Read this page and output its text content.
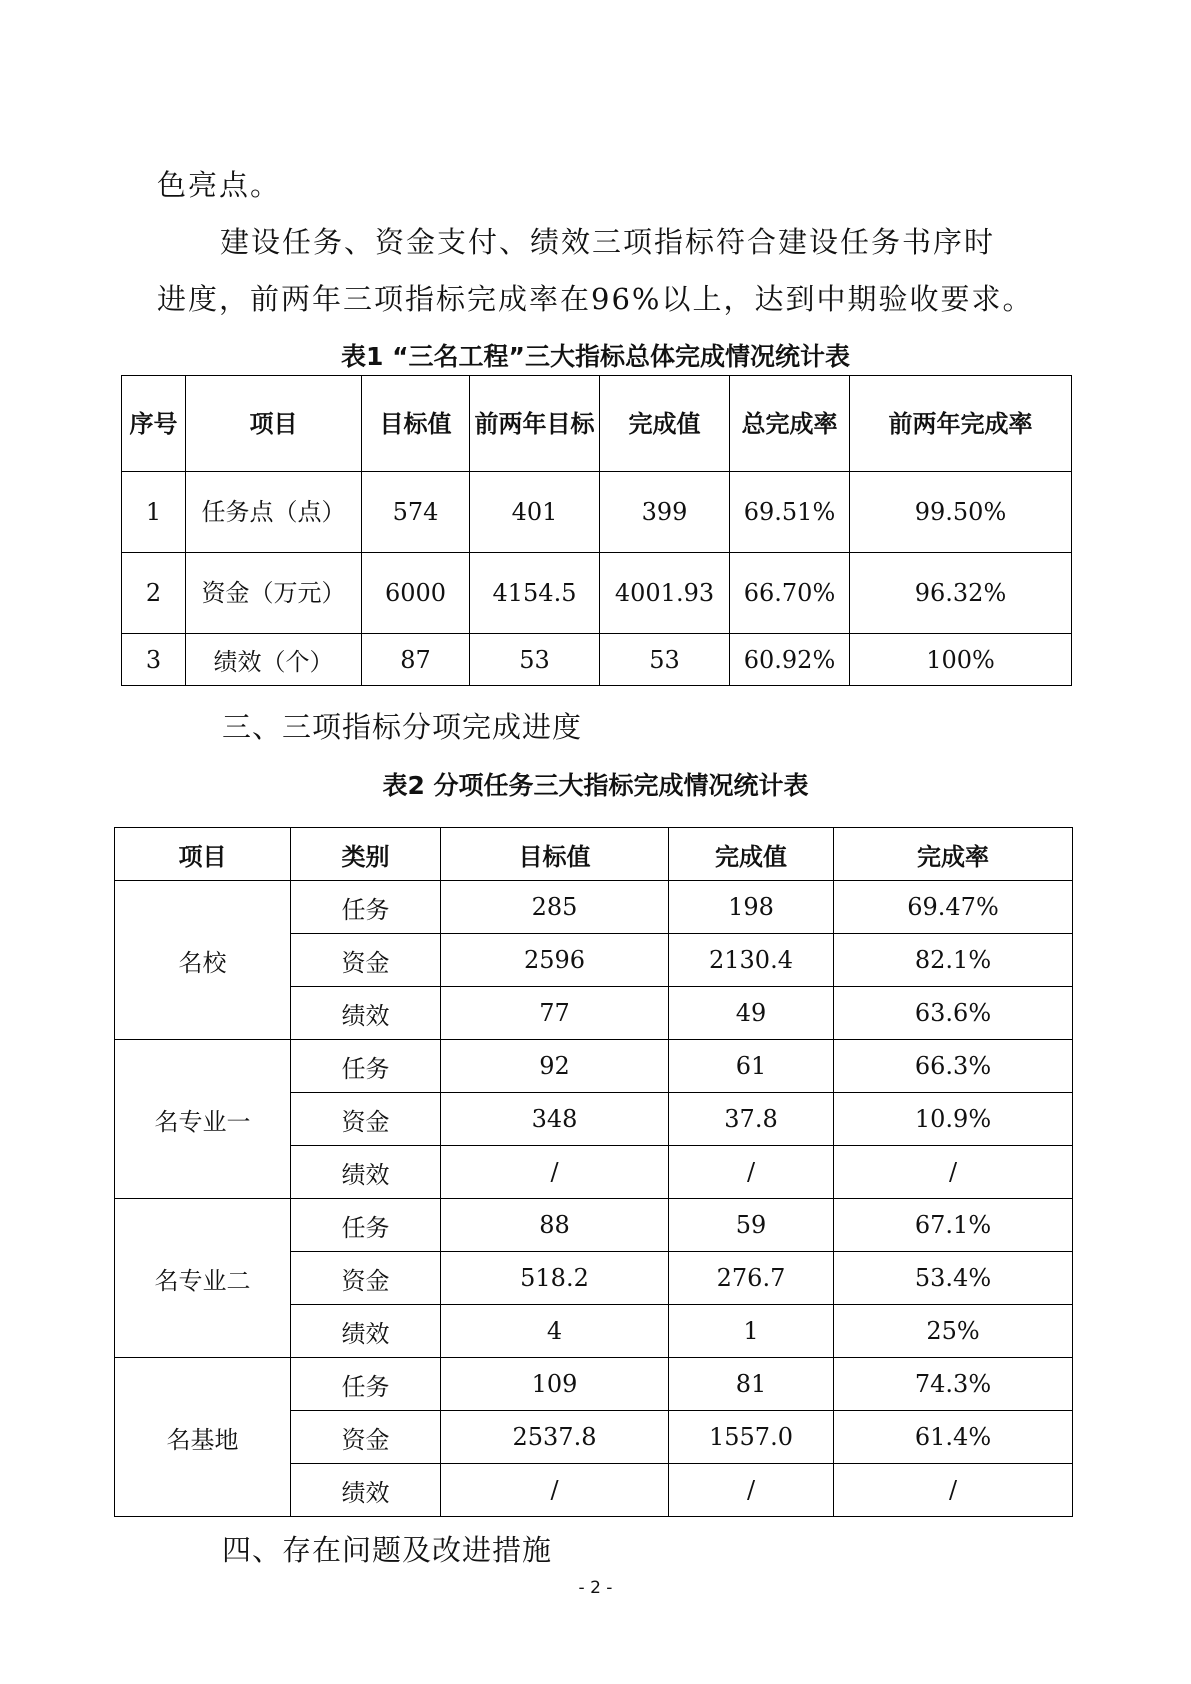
色亮点。
建设任务、资金支付、绩效三项指标符合建设任务书序时
进度，前两年三项指标完成率在96%以上，达到中期验收要求。
表1 “三名工程”三大指标总体完成情况统计表
序号	项目	目标值	前两年目标	完成值	总完成率	前两年完成率
1	任务点（点）	574	401	399	69.51%	99.50%
2	资金（万元）	6000	4154.5	4001.93	66.70%	96.32%
3	绩效（个）	87	53	53	60.92%	100%
三、三项指标分项完成进度
表2 分项任务三大指标完成情况统计表
项目	类别	目标值	完成值	完成率
名校	任务	285	198	69.47%
	资金	2596	2130.4	82.1%
	绩效	77	49	63.6%
名专业一	任务	92	61	66.3%
	资金	348	37.8	10.9%
	绩效	/	/	/
名专业二	任务	88	59	67.1%
	资金	518.2	276.7	53.4%
	绩效	4	1	25%
名基地	任务	109	81	74.3%
	资金	2537.8	1557.0	61.4%
	绩效	/	/	/
四、存在问题及改进措施
- 2 -
